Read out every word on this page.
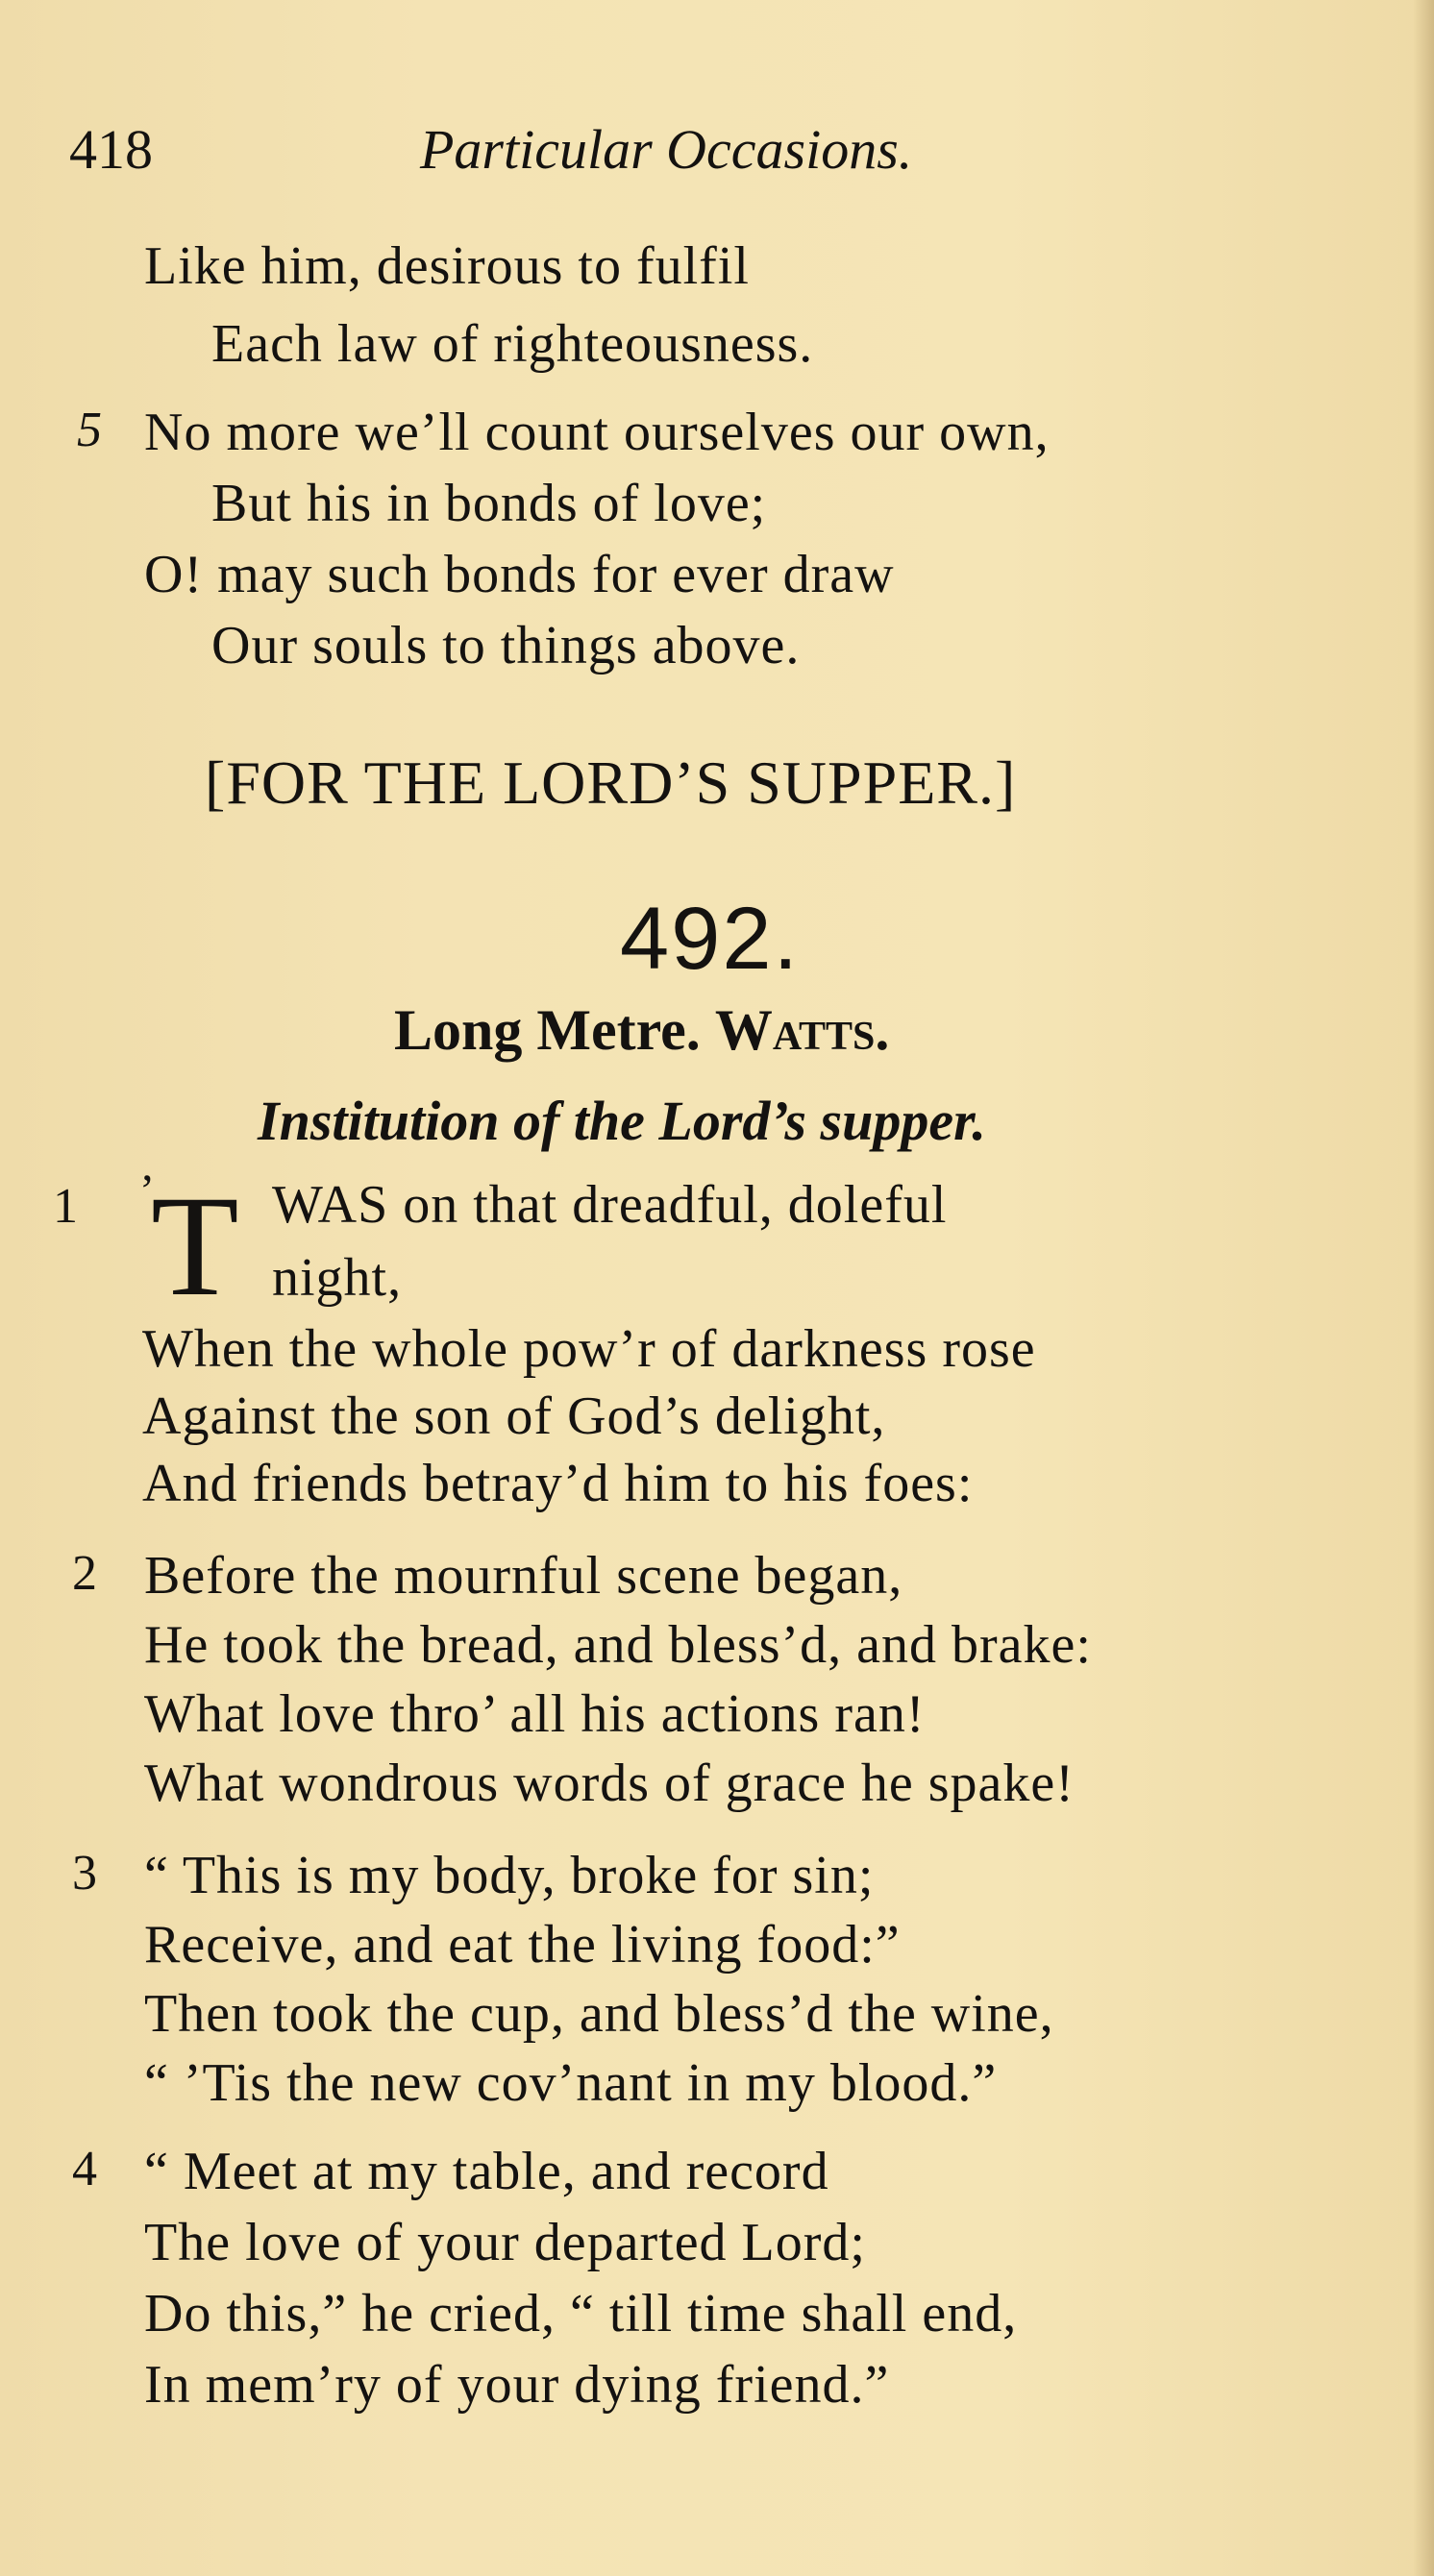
418	Particular Occasions.
Like him, desirous to fulfil
Each law of righteousness.
5 No more we’ll count ourselves our own,
But his in bonds of love;
O! may such bonds for ever draw
Our souls to things above.
[FOR THE LORD’S SUPPER.]
492.
Long Metre. Watts.
Institution of the Lord’s supper.
1 ’
T WAS on that dreadful, doleful
night,
When the whole pow’r of darkness rose
Against the son of God’s delight,
And friends betray’d him to his foes:
2 Before the mournful scene began,
He took the bread, and bless’d, and brake:
What love thro’ all his actions ran!
What wondrous words of grace he spake!
3 “ This is my body, broke for sin;
Receive, and eat the living food:”
Then took the cup, and bless’d the wine,
“ ’Tis the new cov’nant in my blood.”
4 “ Meet at my table, and record
The love of your departed Lord;
Do this,” he cried, “ till time shall end,
In mem’ry of your dying friend.”
